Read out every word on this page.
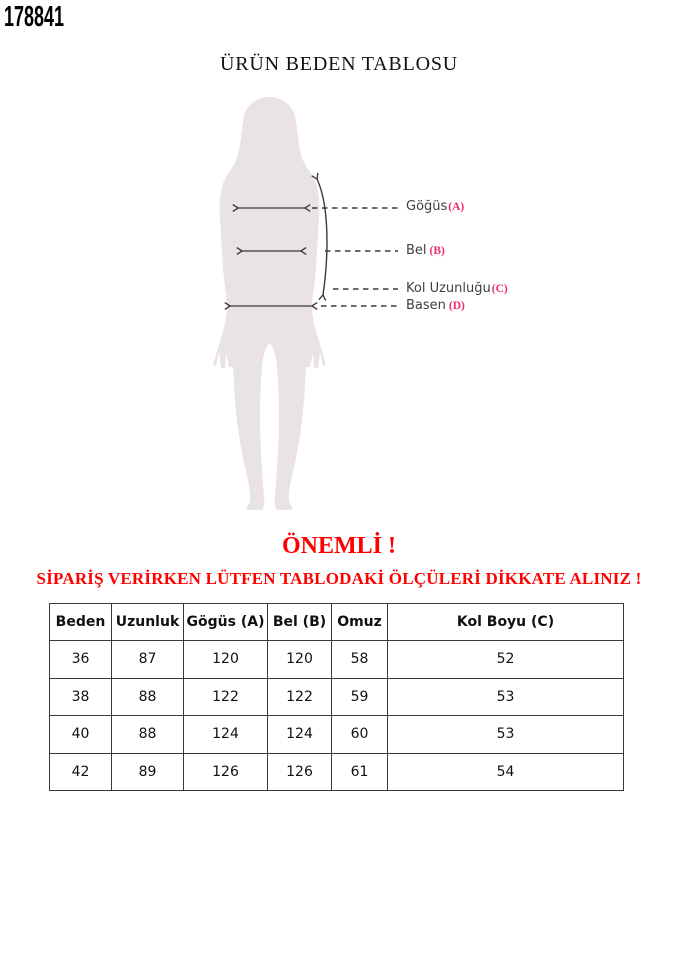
178841
ÜRÜN BEDEN TABLOSU
Göğüs(A)
Bel (B)
Kol Uzunluğu(C)
Basen (D)
ÖNEMLİ !
SİPARİŞ VERİRKEN LÜTFEN TABLODAKİ ÖLÇÜLERİ DİKKATE ALINIZ !
Beden	Uzunluk	Gögüs (A)	Bel (B)	Omuz	Kol Boyu (C)
36	87	120	120	58	52
38	88	122	122	59	53
40	88	124	124	60	53
42	89	126	126	61	54
